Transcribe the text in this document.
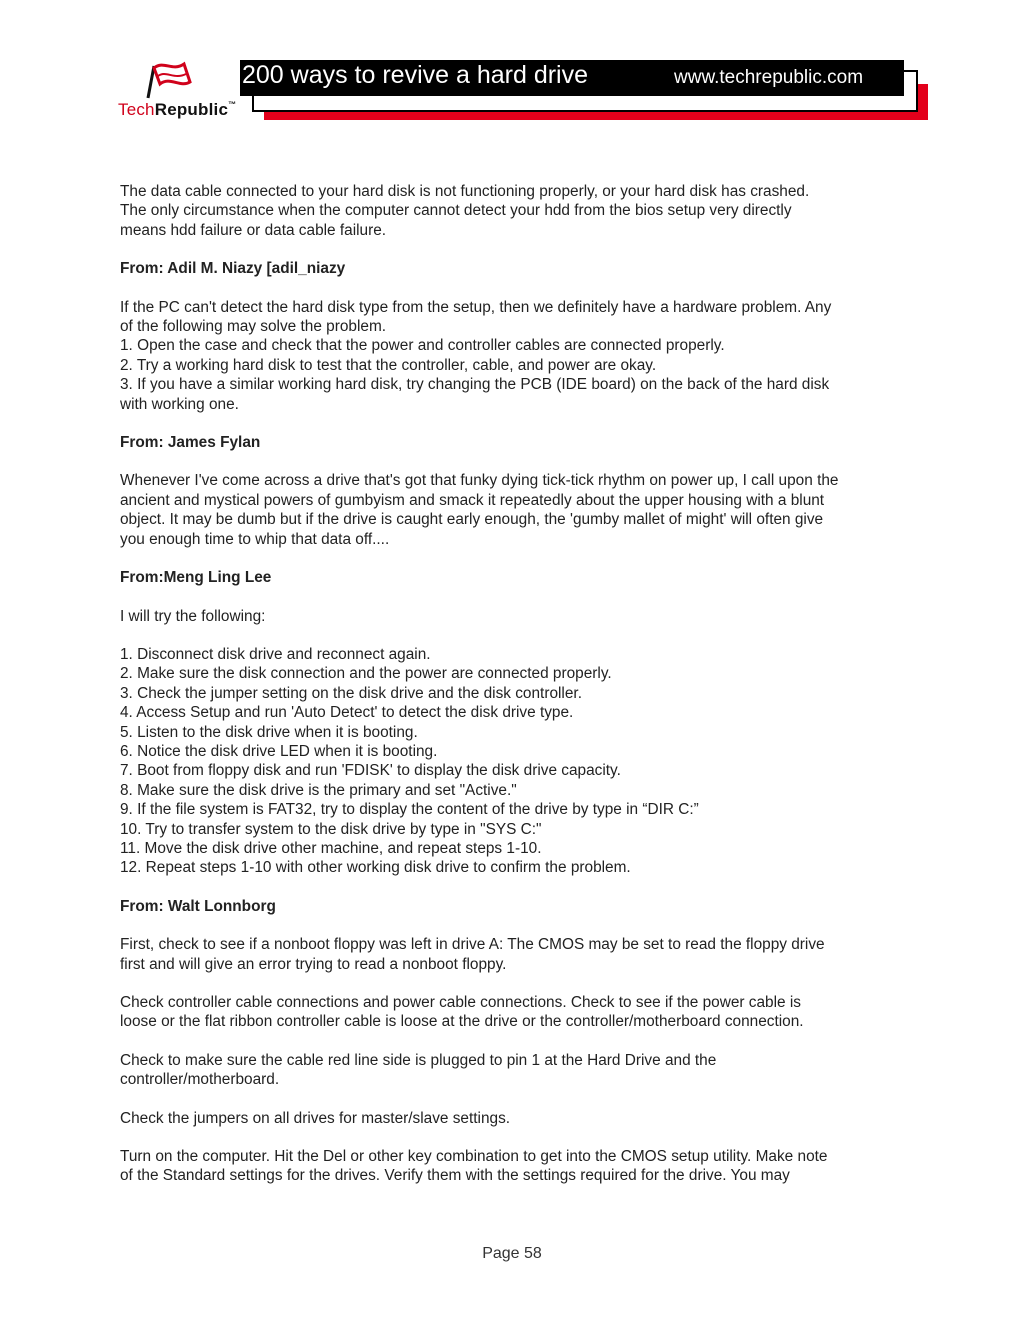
TechRepublic™
200 ways to revive a hard drive	www.techrepublic.com
The data cable connected to your hard disk is not functioning properly, or your hard disk has crashed.
The only circumstance when the computer cannot detect your hdd from the bios setup very directly
means hdd failure or data cable failure.
From: Adil M. Niazy [adil_niazy
If the PC can't detect the hard disk type from the setup, then we definitely have a hardware problem. Any
of the following may solve the problem.
1. Open the case and check that the power and controller cables are connected properly.
2. Try a working hard disk to test that the controller, cable, and power are okay.
3. If you have a similar working hard disk, try changing the PCB (IDE board) on the back of the hard disk
with working one.
From: James Fylan
Whenever I've come across a drive that's got that funky dying tick-tick rhythm on power up, I call upon the
ancient and mystical powers of gumbyism and smack it repeatedly about the upper housing with a blunt
object. It may be dumb but if the drive is caught early enough, the 'gumby mallet of might' will often give
you enough time to whip that data off....
From:Meng Ling Lee
I will try the following:
1. Disconnect disk drive and reconnect again.
2. Make sure the disk connection and the power are connected properly.
3. Check the jumper setting on the disk drive and the disk controller.
4. Access Setup and run 'Auto Detect' to detect the disk drive type.
5. Listen to the disk drive when it is booting.
6. Notice the disk drive LED when it is booting.
7. Boot from floppy disk and run 'FDISK' to display the disk drive capacity.
8. Make sure the disk drive is the primary and set "Active."
9. If the file system is FAT32, try to display the content of the drive by type in “DIR C:”
10. Try to transfer system to the disk drive by type in "SYS C:"
11. Move the disk drive other machine, and repeat steps 1-10.
12. Repeat steps 1-10 with other working disk drive to confirm the problem.
From: Walt Lonnborg
First, check to see if a nonboot floppy was left in drive A: The CMOS may be set to read the floppy drive
first and will give an error trying to read a nonboot floppy.
Check controller cable connections and power cable connections. Check to see if the power cable is
loose or the flat ribbon controller cable is loose at the drive or the controller/motherboard connection.
Check to make sure the cable red line side is plugged to pin 1 at the Hard Drive and the
controller/motherboard.
Check the jumpers on all drives for master/slave settings.
Turn on the computer. Hit the Del or other key combination to get into the CMOS setup utility. Make note
of the Standard settings for the drives. Verify them with the settings required for the drive. You may
Page 58
